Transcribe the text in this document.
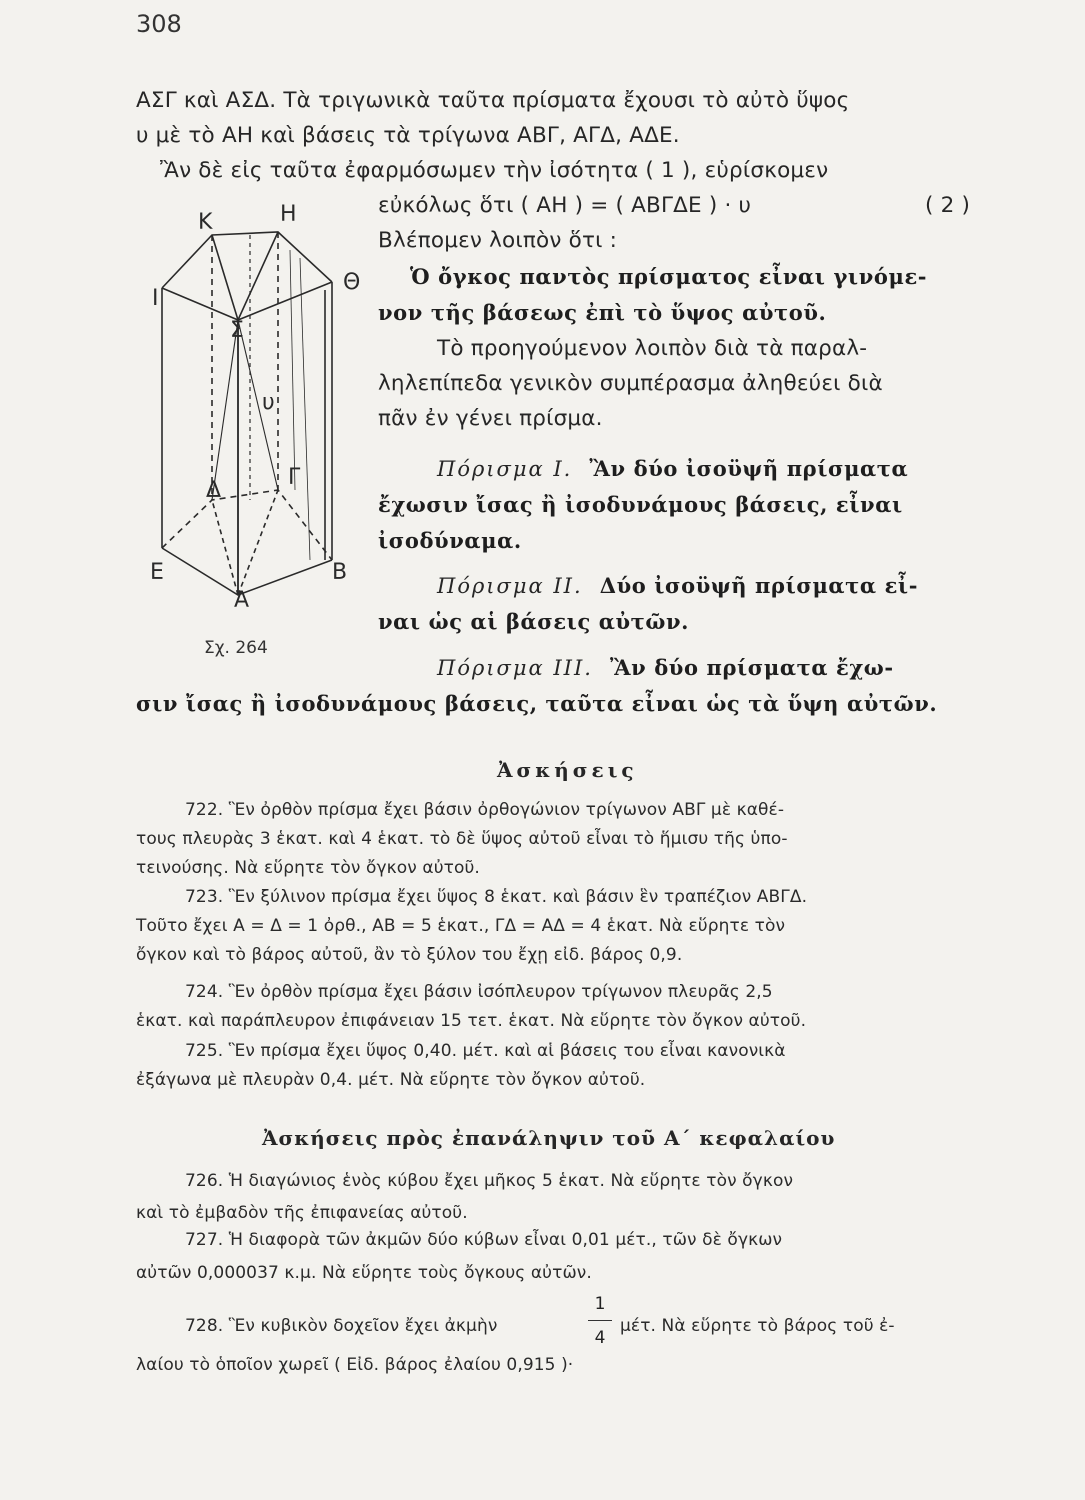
308
ΑΣΓ καὶ ΑΣΔ. Τὰ τριγωνικὰ ταῦτα πρίσματα ἔχουσι τὸ αὐτὸ ὕψος
υ μὲ τὸ ΑΗ καὶ βάσεις τὰ τρίγωνα ΑΒΓ, ΑΓΔ, ΑΔΕ.
Ἂν δὲ εἰς ταῦτα ἐφαρμόσωμεν τὴν ἰσότητα ( 1 ), εὑρίσκομεν
εὐκόλως ὅτι ( ΑΗ ) = ( ΑΒΓΔΕ ) · υ	( 2 )
Βλέπομεν λοιπὸν ὅτι :
Ὁ ὄγκος παντὸς πρίσματος εἶναι γινόμε-
νον τῆς βάσεως ἐπὶ τὸ ὕψος αὐτοῦ.
Τὸ προηγούμενον λοιπὸν διὰ τὰ παραλ-
ληλεπίπεδα γενικὸν συμπέρασμα ἀληθεύει διὰ
πᾶν ἐν γένει πρίσμα.
Πόρισμα I. Ἂν δύο ἰσοϋψῆ πρίσματα
ἔχωσιν ἴσας ἢ ἰσοδυνάμους βάσεις, εἶναι
ἰσοδύναμα.
Πόρισμα II. Δύο ἰσοϋψῆ πρίσματα εἶ-
ναι ὡς αἱ βάσεις αὐτῶν.
Πόρισμα III. Ἂν δύο πρίσματα ἔχω-
σιν ἴσας ἢ ἰσοδυνάμους βάσεις, ταῦτα εἶναι ὡς τὰ ὕψη αὐτῶν.
Ἀσκήσεις
722. Ἓν ὀρθὸν πρίσμα ἔχει βάσιν ὀρθογώνιον τρίγωνον ΑΒΓ μὲ καθέ-
τους πλευρὰς 3 ἑκατ. καὶ 4 ἑκατ. τὸ δὲ ὕψος αὐτοῦ εἶναι τὸ ἥμισυ τῆς ὑπο-
τεινούσης. Νὰ εὕρητε τὸν ὄγκον αὐτοῦ.
723. Ἓν ξύλινον πρίσμα ἔχει ὕψος 8 ἑκατ. καὶ βάσιν ἓν τραπέζιον ΑΒΓΔ.
Τοῦτο ἔχει Α = Δ = 1 ὀρθ., ΑΒ = 5 ἑκατ., ΓΔ = ΑΔ = 4 ἑκατ. Νὰ εὕρητε τὸν
ὄγκον καὶ τὸ βάρος αὐτοῦ, ἂν τὸ ξύλον του ἔχῃ εἰδ. βάρος 0,9.
724. Ἓν ὀρθὸν πρίσμα ἔχει βάσιν ἰσόπλευρον τρίγωνον πλευρᾶς 2,5
ἑκατ. καὶ παράπλευρον ἐπιφάνειαν 15 τετ. ἑκατ. Νὰ εὕρητε τὸν ὄγκον αὐτοῦ.
725. Ἓν πρίσμα ἔχει ὕψος 0,40. μέτ. καὶ αἱ βάσεις του εἶναι κανονικὰ
ἐξάγωνα μὲ πλευρὰν 0,4. μέτ. Νὰ εὕρητε τὸν ὄγκον αὐτοῦ.
Ἀσκήσεις πρὸς ἐπανάληψιν τοῦ Α΄ κεφαλαίου
726. Ἡ διαγώνιος ἑνὸς κύβου ἔχει μῆκος 5 ἑκατ. Νὰ εὕρητε τὸν ὄγκον
καὶ τὸ ἐμβαδὸν τῆς ἐπιφανείας αὐτοῦ.
727. Ἡ διαφορὰ τῶν ἀκμῶν δύο κύβων εἶναι 0,01 μέτ., τῶν δὲ ὄγκων
αὐτῶν 0,000037 κ.μ. Νὰ εὕρητε τοὺς ὄγκους αὐτῶν.
728. Ἓν κυβικὸν δοχεῖον ἔχει ἀκμὴν
1
4
μέτ. Νὰ εὕρητε τὸ βάρος τοῦ ἐ-
λαίου τὸ ὁποῖον χωρεῖ ( Εἰδ. βάρος ἐλαίου 0,915 )·
Κ	Η
I
Θ
Σ
υ
Δ
Γ
Ε	Β
Α
Σχ. 264
